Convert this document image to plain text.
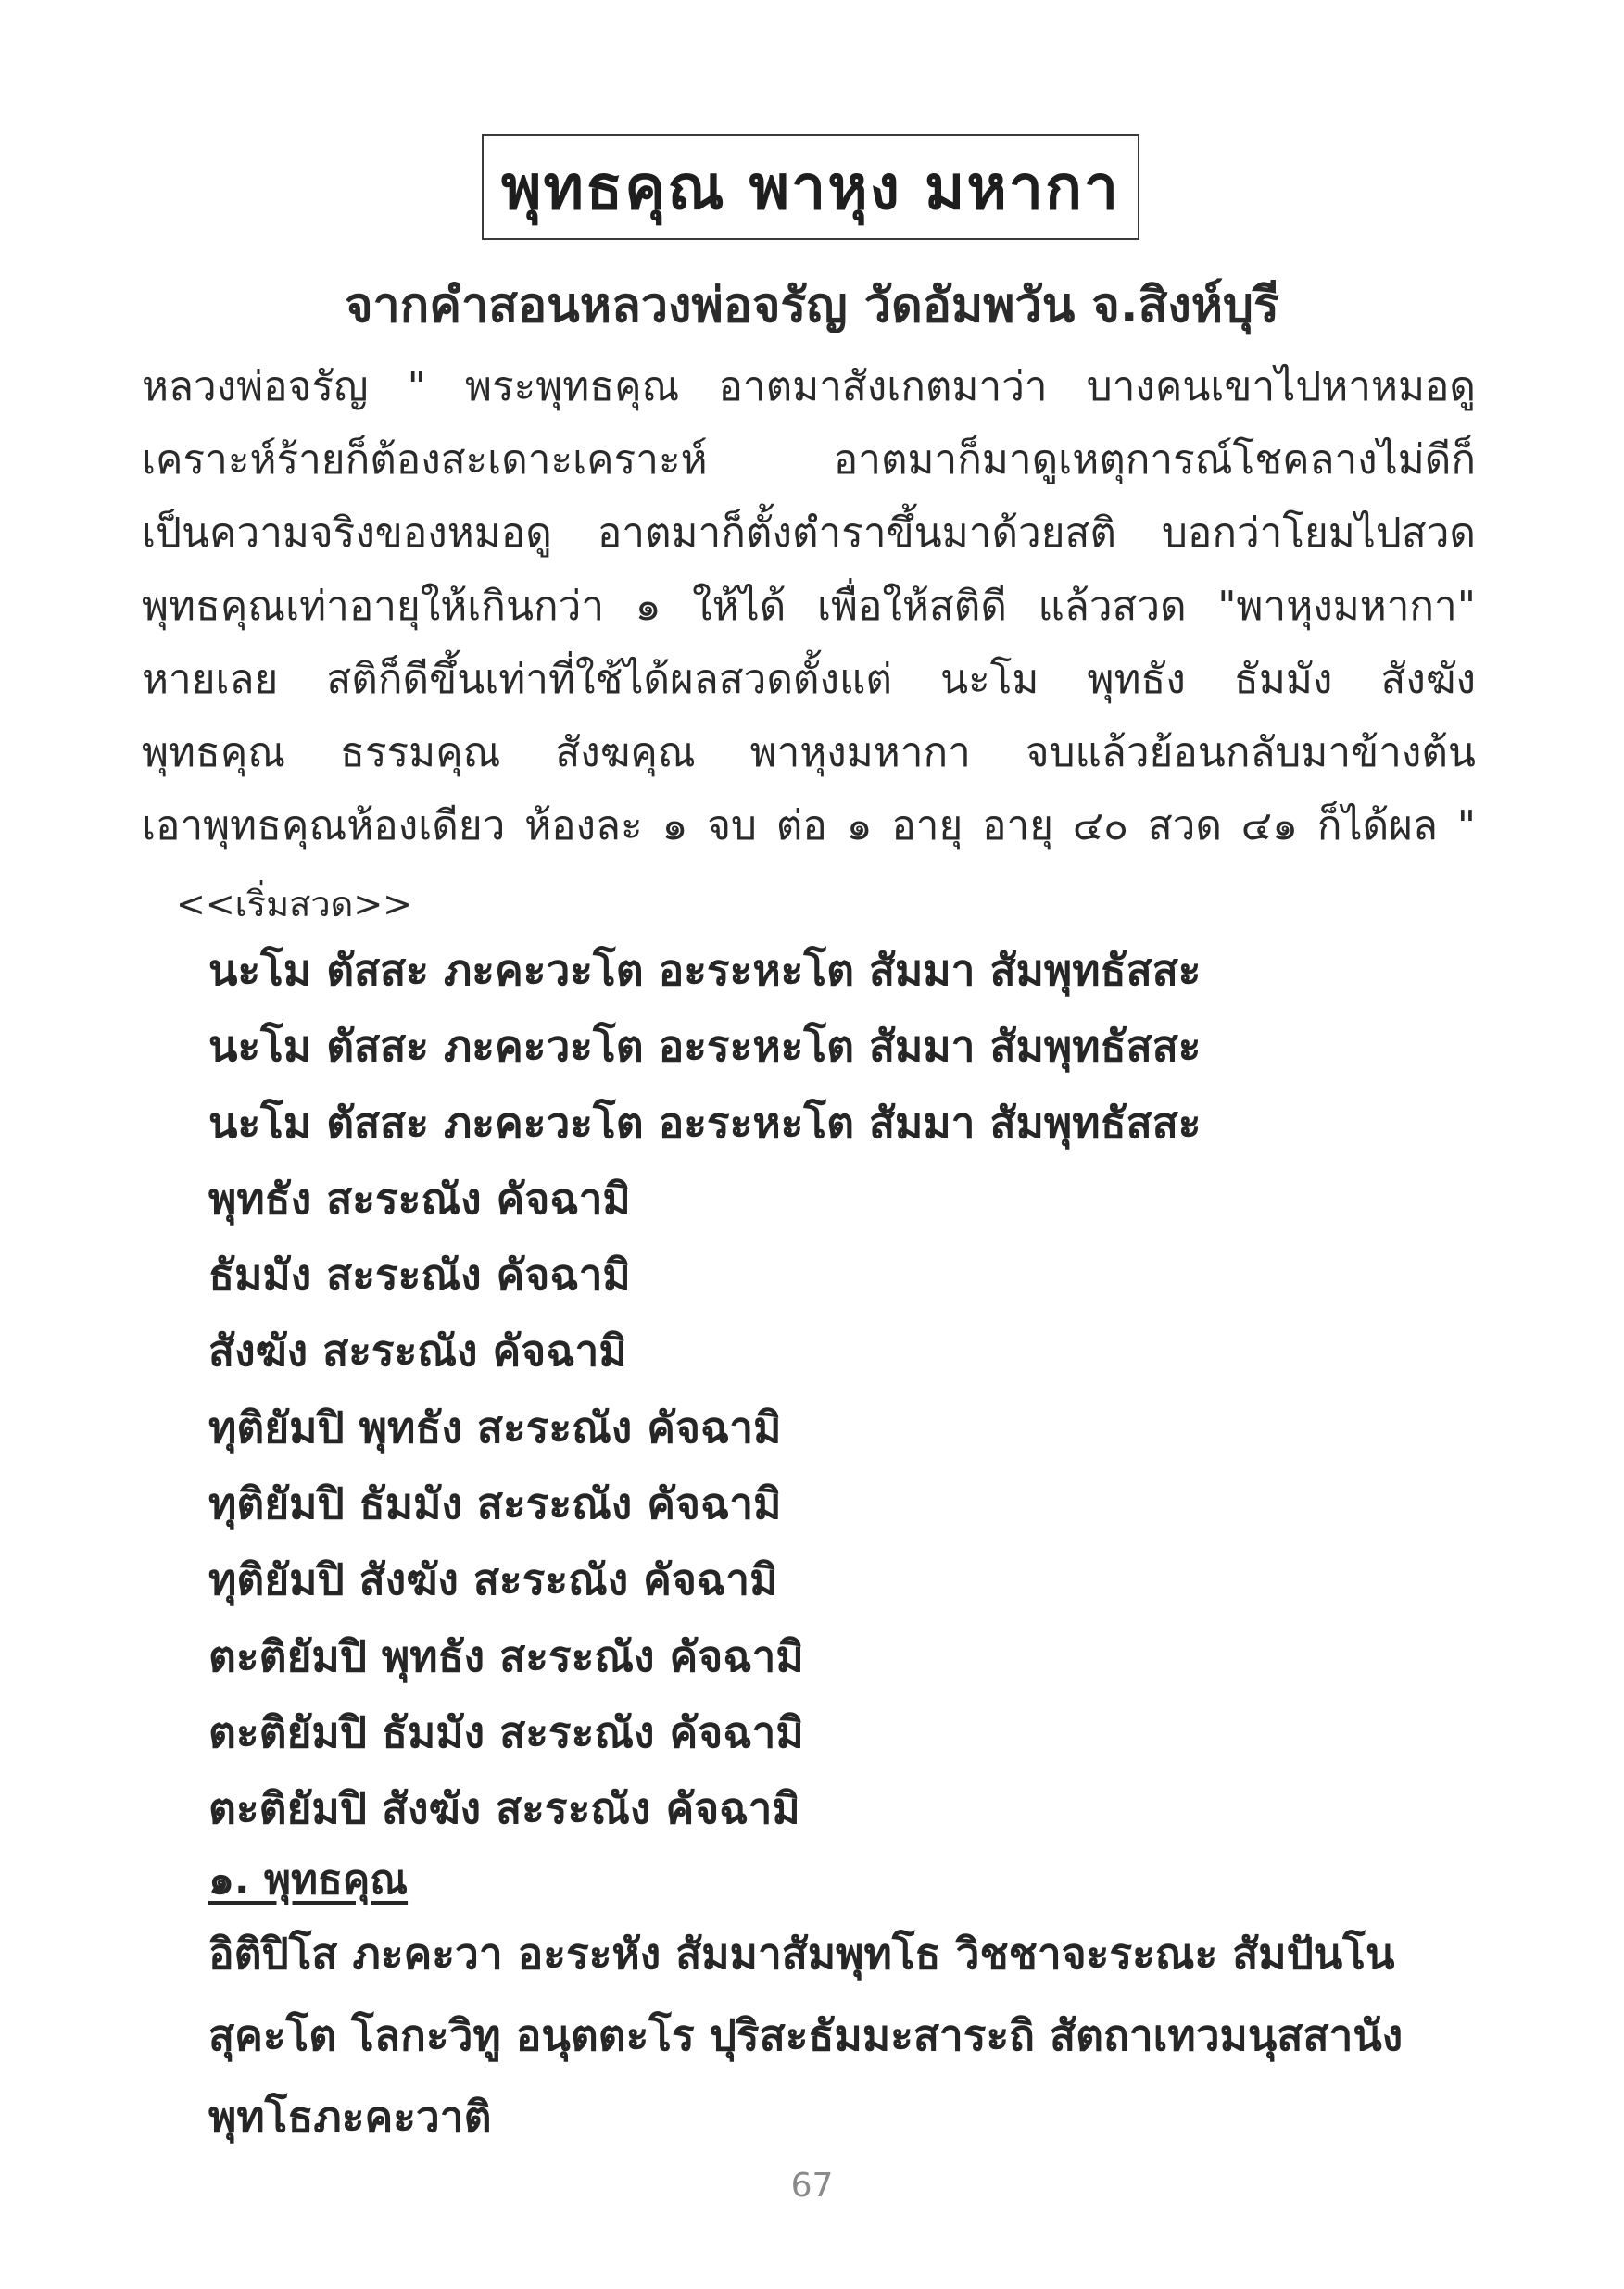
พุทธคุณ พาหุง มหากา
จากคำสอนหลวงพ่อจรัญ วัดอัมพวัน จ.สิงห์บุรี
หลวงพ่อจรัญ " พระพุทธคุณ อาตมาสังเกตมาว่า บางคนเขาไปหาหมอดู
เคราะห์ร้ายก็ต้องสะเดาะเคราะห์ อาตมาก็มาดูเหตุการณ์โชคลางไม่ดีก็
เป็นความจริงของหมอดู อาตมาก็ตั้งตำราขึ้นมาด้วยสติ บอกว่าโยมไปสวด
พุทธคุณเท่าอายุให้เกินกว่า ๑ ให้ได้ เพื่อให้สติดี แล้วสวด "พาหุงมหากา"
หายเลย สติก็ดีขึ้นเท่าที่ใช้ได้ผลสวดตั้งแต่ นะโม พุทธัง ธัมมัง สังฆัง
พุทธคุณ ธรรมคุณ สังฆคุณ พาหุงมหากา จบแล้วย้อนกลับมาข้างต้น
เอาพุทธคุณห้องเดียว ห้องละ ๑ จบ ต่อ ๑ อายุ อายุ ๔๐ สวด ๔๑ ก็ได้ผล "
<<เริ่มสวด>>
นะโม ตัสสะ ภะคะวะโต อะระหะโต สัมมา สัมพุทธัสสะ
นะโม ตัสสะ ภะคะวะโต อะระหะโต สัมมา สัมพุทธัสสะ
นะโม ตัสสะ ภะคะวะโต อะระหะโต สัมมา สัมพุทธัสสะ
พุทธัง สะระณัง คัจฉามิ
ธัมมัง สะระณัง คัจฉามิ
สังฆัง สะระณัง คัจฉามิ
ทุติยัมปิ พุทธัง สะระณัง คัจฉามิ
ทุติยัมปิ ธัมมัง สะระณัง คัจฉามิ
ทุติยัมปิ สังฆัง สะระณัง คัจฉามิ
ตะติยัมปิ พุทธัง สะระณัง คัจฉามิ
ตะติยัมปิ ธัมมัง สะระณัง คัจฉามิ
ตะติยัมปิ สังฆัง สะระณัง คัจฉามิ
๑. พุทธคุณ
อิติปิโส ภะคะวา อะระหัง สัมมาสัมพุทโธ วิชชาจะระณะ สัมปันโน
สุคะโต โลกะวิทู อนุตตะโร ปุริสะธัมมะสาระถิ สัตถาเทวมนุสสานัง
พุทโธภะคะวาติ
67
